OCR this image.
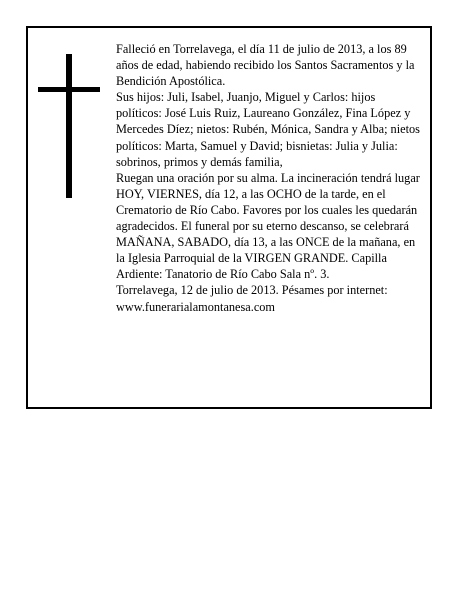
Falleció en Torrelavega, el día 11 de julio de 2013, a los 89 años de edad, habiendo recibido los Santos Sacramentos y la Bendición Apostólica.

Sus hijos: Juli, Isabel, Juanjo, Miguel y Carlos: hijos políticos: José Luis Ruiz, Laureano González, Fina López y Mercedes Díez; nietos: Rubén, Mónica, Sandra y Alba; nietos políticos: Marta, Samuel y David; bisnietas: Julia y Julia: sobrinos, primos y demás familia,

Ruegan una oración por su alma. La incineración tendrá lugar HOY, VIERNES, día 12, a las OCHO de la tarde, en el Crematorio de Río Cabo. Favores por los cuales les quedarán agradecidos. El funeral por su eterno descanso, se celebrará MAÑANA, SABADO, día 13, a las ONCE de la mañana, en la Iglesia Parroquial de la VIRGEN GRANDE. Capilla Ardiente: Tanatorio de Río Cabo Sala nº. 3.

Torrelavega, 12 de julio de 2013. Pésames por internet: www.funerarialamontanesa.com
